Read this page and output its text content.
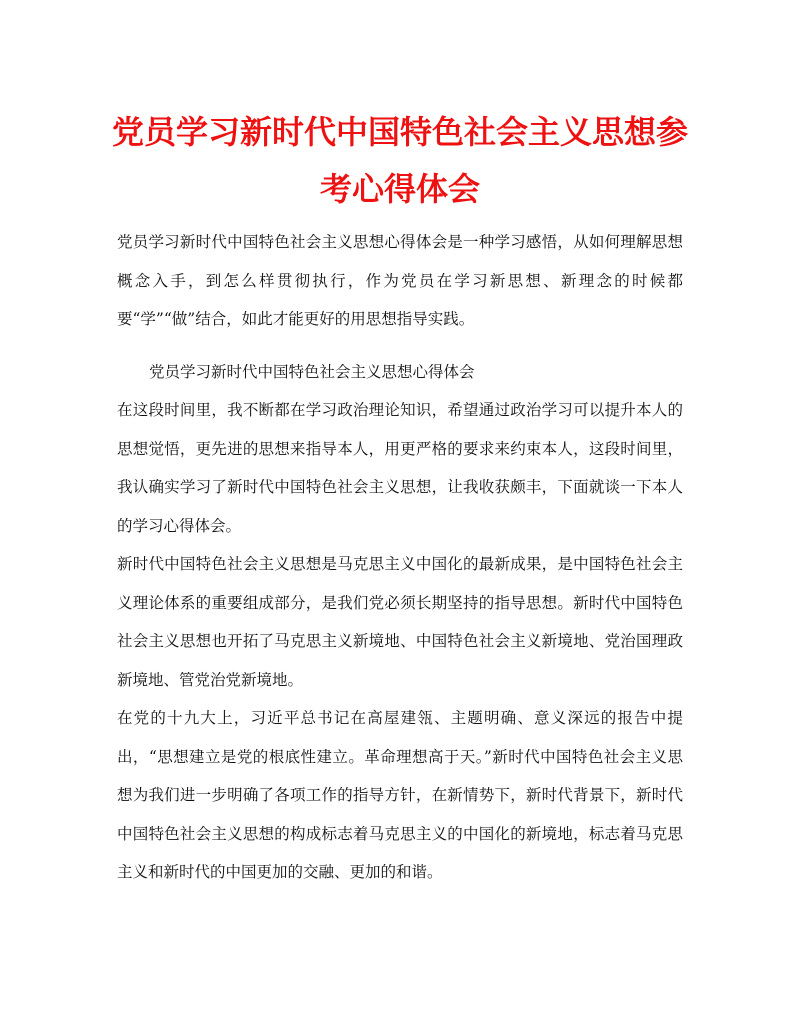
党员学习新时代中国特色社会主义思想参考心得体会

党员学习新时代中国特色社会主义思想心得体会是一种学习感悟，从如何理解思想概念入手，到怎么样贯彻执行，作为党员在学习新思想、新理念的时候都要“学”“做”结合，如此才能更好的用思想指导实践。

党员学习新时代中国特色社会主义思想心得体会

在这段时间里，我不断都在学习政治理论知识，希望通过政治学习可以提升本人的思想觉悟，更先进的思想来指导本人，用更严格的要求来约束本人，这段时间里，我认确实学习了新时代中国特色社会主义思想，让我收获颇丰，下面就谈一下本人的学习心得体会。

新时代中国特色社会主义思想是马克思主义中国化的最新成果，是中国特色社会主义理论体系的重要组成部分，是我们党必须长期坚持的指导思想。新时代中国特色社会主义思想也开拓了马克思主义新境地、中国特色社会主义新境地、党治国理政新境地、管党治党新境地。

在党的十九大上，习近平总书记在高屋建瓴、主题明确、意义深远的报告中提出，“思想建立是党的根底性建立。革命理想高于天。”新时代中国特色社会主义思想为我们进一步明确了各项工作的指导方针，在新情势下，新时代背景下，新时代中国特色社会主义思想的构成标志着马克思主义的中国化的新境地，标志着马克思主义和新时代的中国更加的交融、更加的和谐。
